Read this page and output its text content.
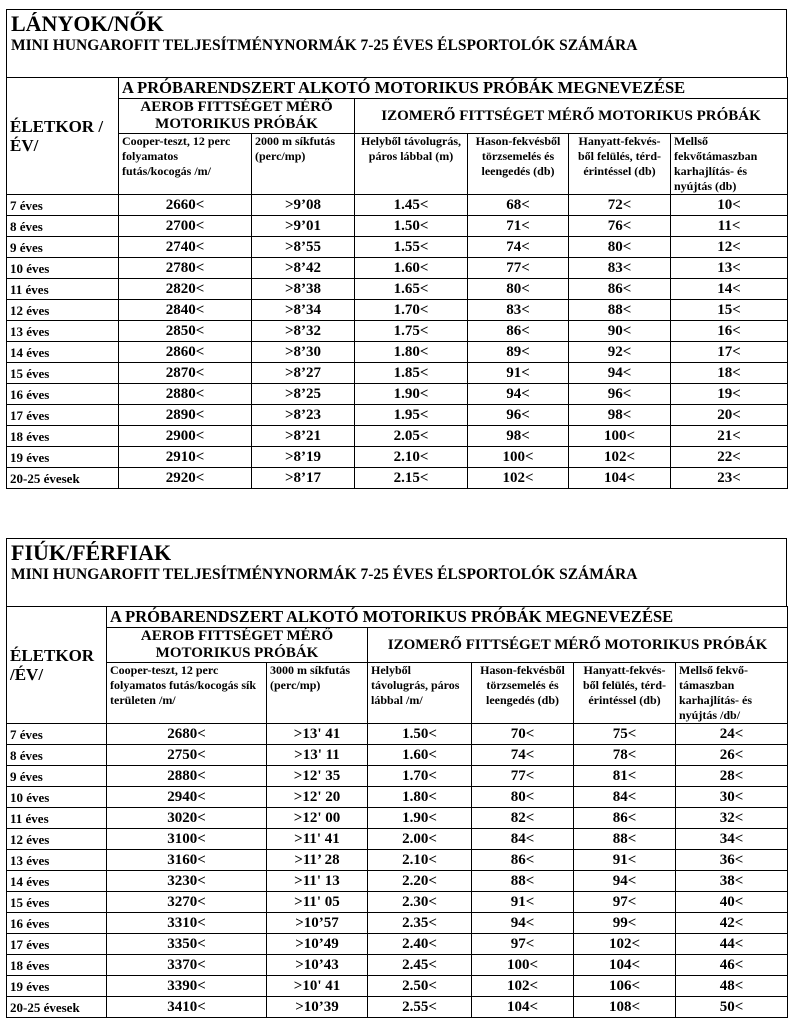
LÁNYOK/NŐK
MINI HUNGAROFIT TELJESÍTMÉNYNORMÁK 7-25 ÉVES ÉLSPORTOLÓK SZÁMÁRA
ÉLETKOR /ÉV/	A PRÓBARENDSZERT ALKOTÓ MOTORIKUS PRÓBÁK MEGNEVEZÉSE					
	AEROB FITTSÉGET MÉRŐ MOTORIKUS PRÓBÁK		IZOMERŐ FITTSÉGET MÉRŐ MOTORIKUS PRÓBÁK			
	Cooper-teszt, 12 perc folyamatos futás/kocogás /m/	2000 m síkfutás (perc/mp)	Helyből távolugrás, páros lábbal (m)	Hason-fekvésből törzsemelés és leengedés (db)	Hanyatt-fekvés-ből felülés, térd-érintéssel (db)	Mellső fekvőtámaszban karhajlítás- és nyújtás (db)
7 éves	2660<	>9’08	1.45<	68<	72<	10<
8 éves	2700<	>9’01	1.50<	71<	76<	11<
9 éves	2740<	>8’55	1.55<	74<	80<	12<
10 éves	2780<	>8’42	1.60<	77<	83<	13<
11 éves	2820<	>8’38	1.65<	80<	86<	14<
12 éves	2840<	>8’34	1.70<	83<	88<	15<
13 éves	2850<	>8’32	1.75<	86<	90<	16<
14 éves	2860<	>8’30	1.80<	89<	92<	17<
15 éves	2870<	>8’27	1.85<	91<	94<	18<
16 éves	2880<	>8’25	1.90<	94<	96<	19<
17 éves	2890<	>8’23	1.95<	96<	98<	20<
18 éves	2900<	>8’21	2.05<	98<	100<	21<
19 éves	2910<	>8’19	2.10<	100<	102<	22<
20-25 évesek	2920<	>8’17	2.15<	102<	104<	23<
FIÚK/FÉRFIAK
MINI HUNGAROFIT TELJESÍTMÉNYNORMÁK 7-25 ÉVES ÉLSPORTOLÓK SZÁMÁRA
ÉLETKOR /ÉV/	A PRÓBARENDSZERT ALKOTÓ MOTORIKUS PRÓBÁK MEGNEVEZÉSE					
	AEROB FITTSÉGET MÉRŐ MOTORIKUS PRÓBÁK		IZOMERŐ FITTSÉGET MÉRŐ MOTORIKUS PRÓBÁK			
	Cooper-teszt, 12 perc folyamatos futás/kocogás sík területen /m/	3000 m síkfutás (perc/mp)	Helyből távolugrás, páros lábbal /m/	Hason-fekvésből törzsemelés és leengedés (db)	Hanyatt-fekvés-ből felülés, térd-érintéssel (db)	Mellső fekvő-támaszban karhajlítás- és nyújtás /db/
7 éves	2680<	>13' 41	1.50<	70<	75<	24<
8 éves	2750<	>13' 11	1.60<	74<	78<	26<
9 éves	2880<	>12' 35	1.70<	77<	81<	28<
10 éves	2940<	>12' 20	1.80<	80<	84<	30<
11 éves	3020<	>12' 00	1.90<	82<	86<	32<
12 éves	3100<	>11' 41	2.00<	84<	88<	34<
13 éves	3160<	>11’ 28	2.10<	86<	91<	36<
14 éves	3230<	>11' 13	2.20<	88<	94<	38<
15 éves	3270<	>11' 05	2.30<	91<	97<	40<
16 éves	3310<	>10’57	2.35<	94<	99<	42<
17 éves	3350<	>10’49	2.40<	97<	102<	44<
18 éves	3370<	>10’43	2.45<	100<	104<	46<
19 éves	3390<	>10' 41	2.50<	102<	106<	48<
20-25 évesek	3410<	>10’39	2.55<	104<	108<	50<
